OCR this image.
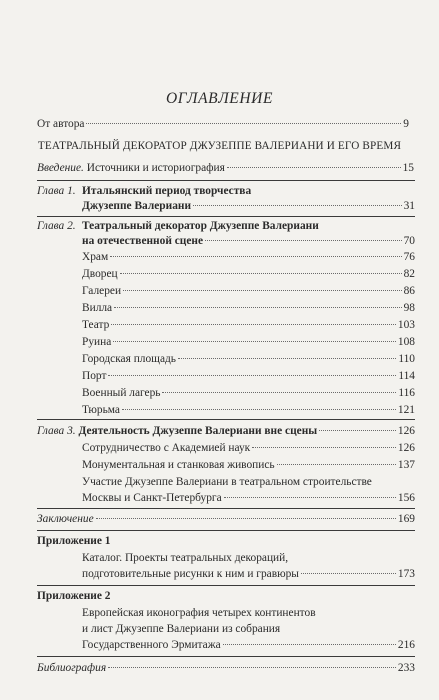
ОГЛАВЛЕНИЕ
От автора	9
ТЕАТРАЛЬНЫЙ ДЕКОРАТОР ДЖУЗЕППЕ ВАЛЕРИАНИ И ЕГО ВРЕМЯ
Введение. Источники и историография	15
Глава 1. Итальянский период творчества
Джузеппе Валериани	31
Глава 2. Театральный декоратор Джузеппе Валериани
на отечественной сцене	70
Храм	76
Дворец	82
Галереи	86
Вилла	98
Театр	103
Руина	108
Городская площадь	110
Порт	114
Военный лагерь	116
Тюрьма	121
Глава 3. Деятельность Джузеппе Валериани вне сцены	126
Сотрудничество с Академией наук	126
Монументальная и станковая живопись	137
Участие Джузеппе Валериани в театральном строительстве
Москвы и Санкт-Петербурга	156
Заключение	169
Приложение 1
Каталог. Проекты театральных декораций,
подготовительные рисунки к ним и гравюры	173
Приложение 2
Европейская иконография четырех континентов
и лист Джузеппе Валериани из собрания
Государственного Эрмитажа	216
Библиография	233
